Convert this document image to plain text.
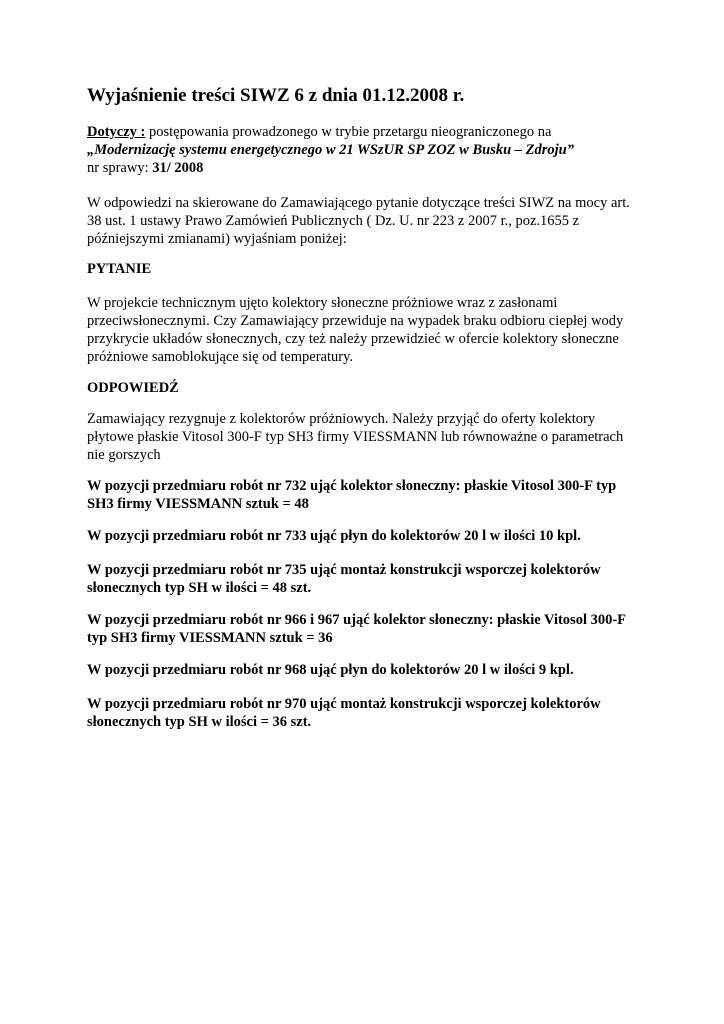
Wyjaśnienie treści SIWZ 6 z dnia 01.12.2008 r.
Dotyczy : postępowania prowadzonego w trybie przetargu nieograniczonego na
„Modernizację systemu energetycznego w 21 WSzUR SP ZOZ w Busku – Zdroju”
nr sprawy: 31/ 2008
W odpowiedzi na skierowane do Zamawiającego pytanie dotyczące treści SIWZ na mocy art.
38 ust. 1 ustawy Prawo Zamówień Publicznych ( Dz. U. nr 223 z 2007 r., poz.1655 z
późniejszymi zmianami) wyjaśniam poniżej:
PYTANIE
W projekcie technicznym ujęto kolektory słoneczne próżniowe wraz z zasłonami
przeciwsłonecznymi. Czy Zamawiający przewiduje na wypadek braku odbioru ciepłej wody
przykrycie układów słonecznych, czy też należy przewidzieć w ofercie kolektory słoneczne
próżniowe samoblokujące się od temperatury.
ODPOWIEDŹ
Zamawiający rezygnuje z kolektorów próżniowych. Należy przyjąć do oferty kolektory
płytowe płaskie Vitosol 300-F typ SH3 firmy VIESSMANN lub równoważne o parametrach
nie gorszych
W pozycji przedmiaru robót nr 732 ująć kolektor słoneczny: płaskie Vitosol 300-F typ
SH3 firmy VIESSMANN sztuk = 48
W pozycji przedmiaru robót nr 733 ująć płyn do kolektorów 20 l w ilości 10 kpl.
W pozycji przedmiaru robót nr 735 ująć montaż konstrukcji wsporczej kolektorów
słonecznych typ SH w ilości = 48 szt.
W pozycji przedmiaru robót nr 966 i 967 ująć kolektor słoneczny: płaskie Vitosol 300-F
typ SH3 firmy VIESSMANN sztuk = 36
W pozycji przedmiaru robót nr 968 ująć płyn do kolektorów 20 l w ilości 9 kpl.
W pozycji przedmiaru robót nr 970 ująć montaż konstrukcji wsporczej kolektorów
słonecznych typ SH w ilości = 36 szt.
